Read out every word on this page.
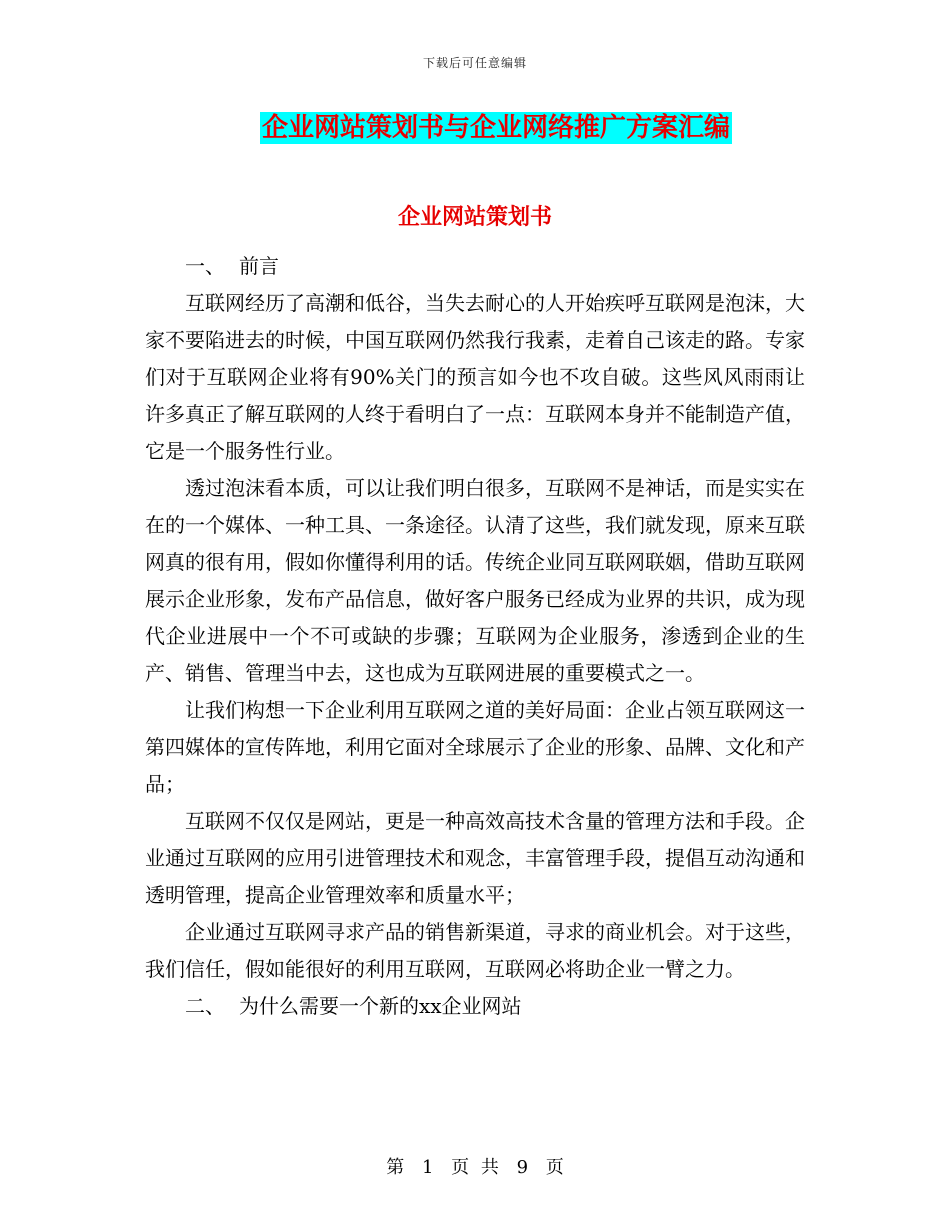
下载后可任意编辑
企业网站策划书与企业网络推广方案汇编
企业网站策划书

一、 前言

互联网经历了高潮和低谷，当失去耐心的人开始疾呼互联网是泡沫，大家不要陷进去的时候，中国互联网仍然我行我素，走着自己该走的路。专家们对于互联网企业将有90%关门的预言如今也不攻自破。这些风风雨雨让许多真正了解互联网的人终于看明白了一点：互联网本身并不能制造产值，它是一个服务性行业。

透过泡沫看本质，可以让我们明白很多，互联网不是神话，而是实实在在的一个媒体、一种工具、一条途径。认清了这些，我们就发现，原来互联网真的很有用，假如你懂得利用的话。传统企业同互联网联姻，借助互联网展示企业形象，发布产品信息，做好客户服务已经成为业界的共识，成为现代企业进展中一个不可或缺的步骤；互联网为企业服务，渗透到企业的生产、销售、管理当中去，这也成为互联网进展的重要模式之一。

让我们构想一下企业利用互联网之道的美好局面：企业占领互联网这一第四媒体的宣传阵地，利用它面对全球展示了企业的形象、品牌、文化和产品；

互联网不仅仅是网站，更是一种高效高技术含量的管理方法和手段。企业通过互联网的应用引进管理技术和观念，丰富管理手段，提倡互动沟通和透明管理，提高企业管理效率和质量水平；

企业通过互联网寻求产品的销售新渠道，寻求的商业机会。对于这些，我们信任，假如能很好的利用互联网，互联网必将助企业一臂之力。

二、 为什么需要一个新的xx企业网站

第 1 页 共 9 页
